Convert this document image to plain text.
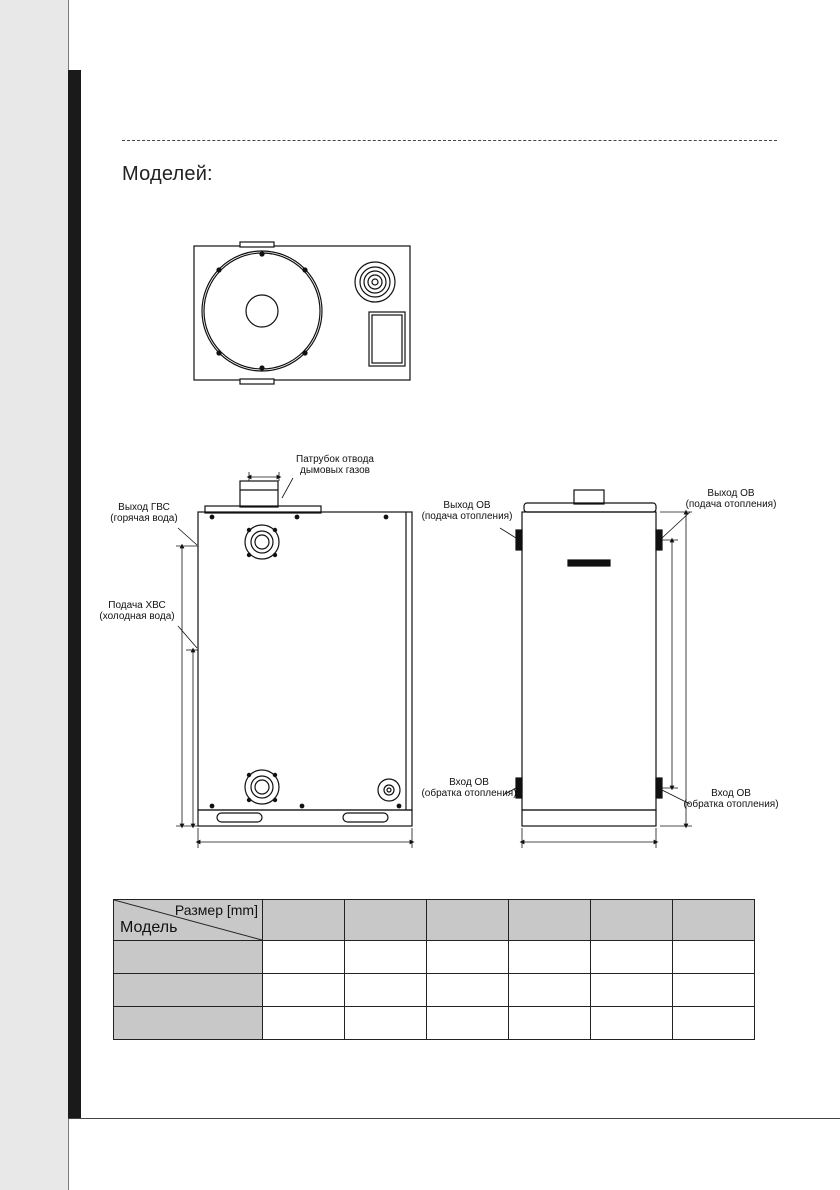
Моделей:
Патрубок отвода
дымовых газов
Выход ГВС
(горячая вода)
Подача ХВС
(холодная вода)
Выход ОВ
(подача отопления)
Выход ОВ
(подача отопления)
Вход ОВ
(обратка отопления)	Вход ОВ
(обратка отопления)
Размер [mm]
Модель						
